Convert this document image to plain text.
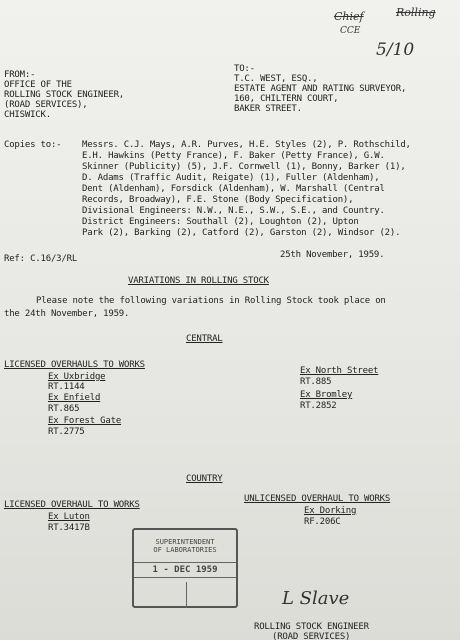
Chief	Rolling
CCE
5/10
FROM:-
OFFICE OF THE
ROLLING STOCK ENGINEER,
(ROAD SERVICES),
CHISWICK.
TO:-
T.C. WEST, ESQ.,
ESTATE AGENT AND RATING SURVEYOR,
160, CHILTERN COURT,
BAKER STREET.
Copies to:- Messrs. C.J. Mays, A.R. Purves, H.E. Styles (2), P. Rothschild,
E.H. Hawkins (Petty France), F. Baker (Petty France), G.W.
Skinner (Publicity) (5), J.F. Cornwell (1), Bonny, Barker (1),
D. Adams (Traffic Audit, Reigate) (1), Fuller (Aldenham),
Dent (Aldenham), Forsdick (Aldenham), W. Marshall (Central
Records, Broadway), F.E. Stone (Body Specification),
Divisional Engineers: N.W., N.E., S.W., S.E., and Country.
District Engineers: Southall (2), Loughton (2), Upton
Park (2), Barking (2), Catford (2), Garston (2), Windsor (2).
Ref: C.16/3/RL	25th November, 1959.
VARIATIONS IN ROLLING STOCK
Please note the following variations in Rolling Stock took place on
the 24th November, 1959.
CENTRAL
LICENSED OVERHAULS TO WORKS
Ex Uxbridge
RT.1144
Ex Enfield
RT.865
Ex Forest Gate
RT.2775
Ex North Street
RT.885
Ex Bromley
RT.2852
COUNTRY
LICENSED OVERHAUL TO WORKS
Ex Luton
RT.3417B
UNLICENSED OVERHAUL TO WORKS
Ex Dorking
RF.206C
SUPERINTENDENT
OF LABORATORIES
1 - DEC 1959
L Slave
ROLLING STOCK ENGINEER
(ROAD SERVICES)
